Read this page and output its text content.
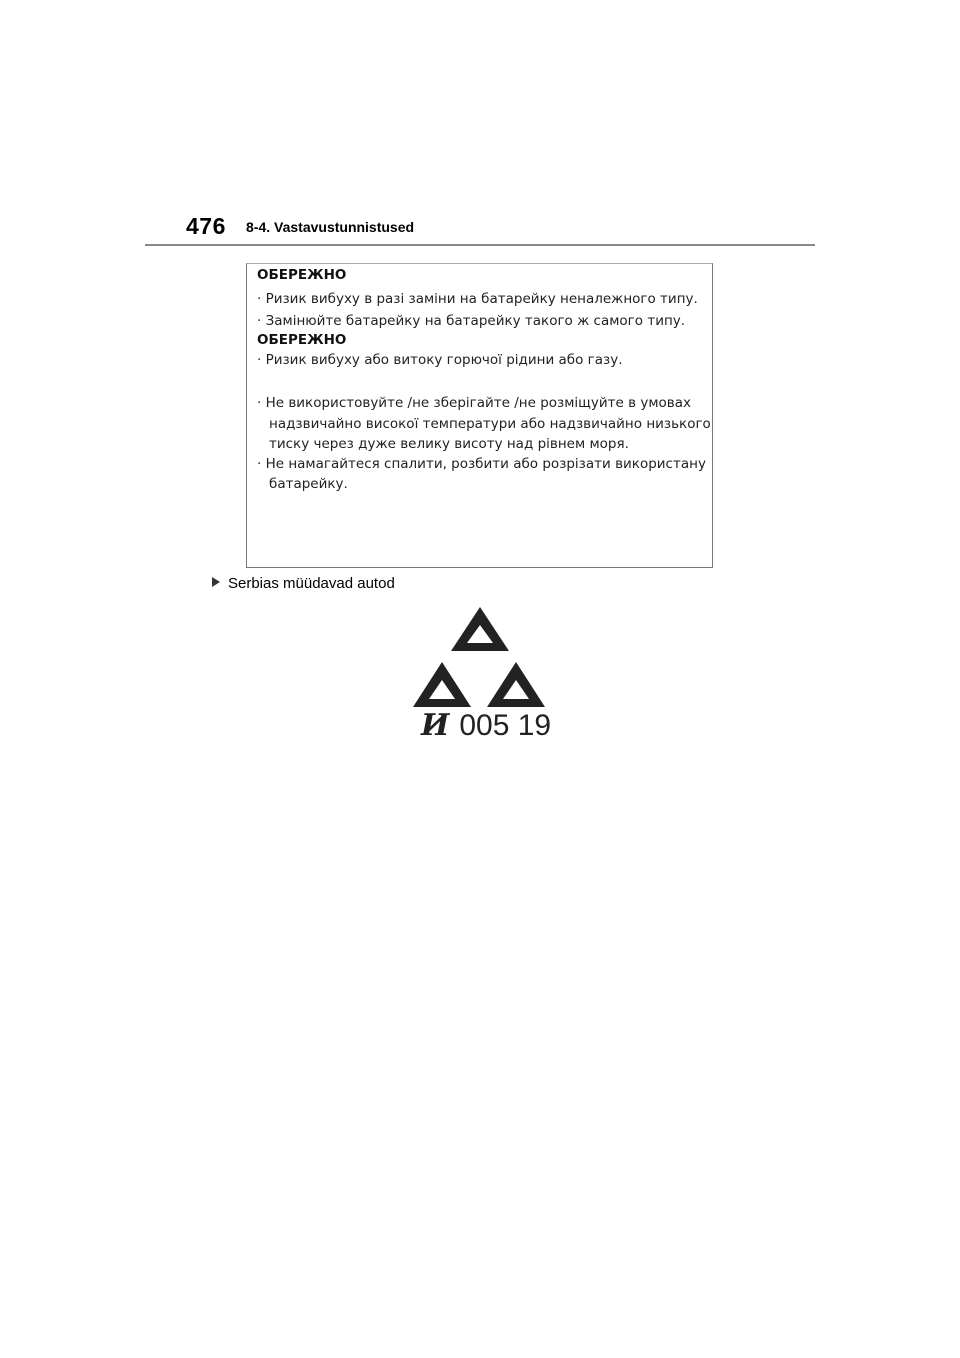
476 8-4. Vastavustunnistused
ОБЕРЕЖНО
· Ризик вибуху в разі заміни на батарейку неналежного типу.
· Замінюйте батарейку на батарейку такого ж самого типу.
ОБЕРЕЖНО
· Ризик вибуху або витоку горючої рідини або газу.
· Не використовуйте /не зберігайте /не розміщуйте в умовах
надзвичайно високої температури або надзвичайно низького
тиску через дуже велику висоту над рівнем моря.
· Не намагайтеся спалити, розбити або розрізати використану
батарейку.
Serbias müüdavad autod
И 005 19
